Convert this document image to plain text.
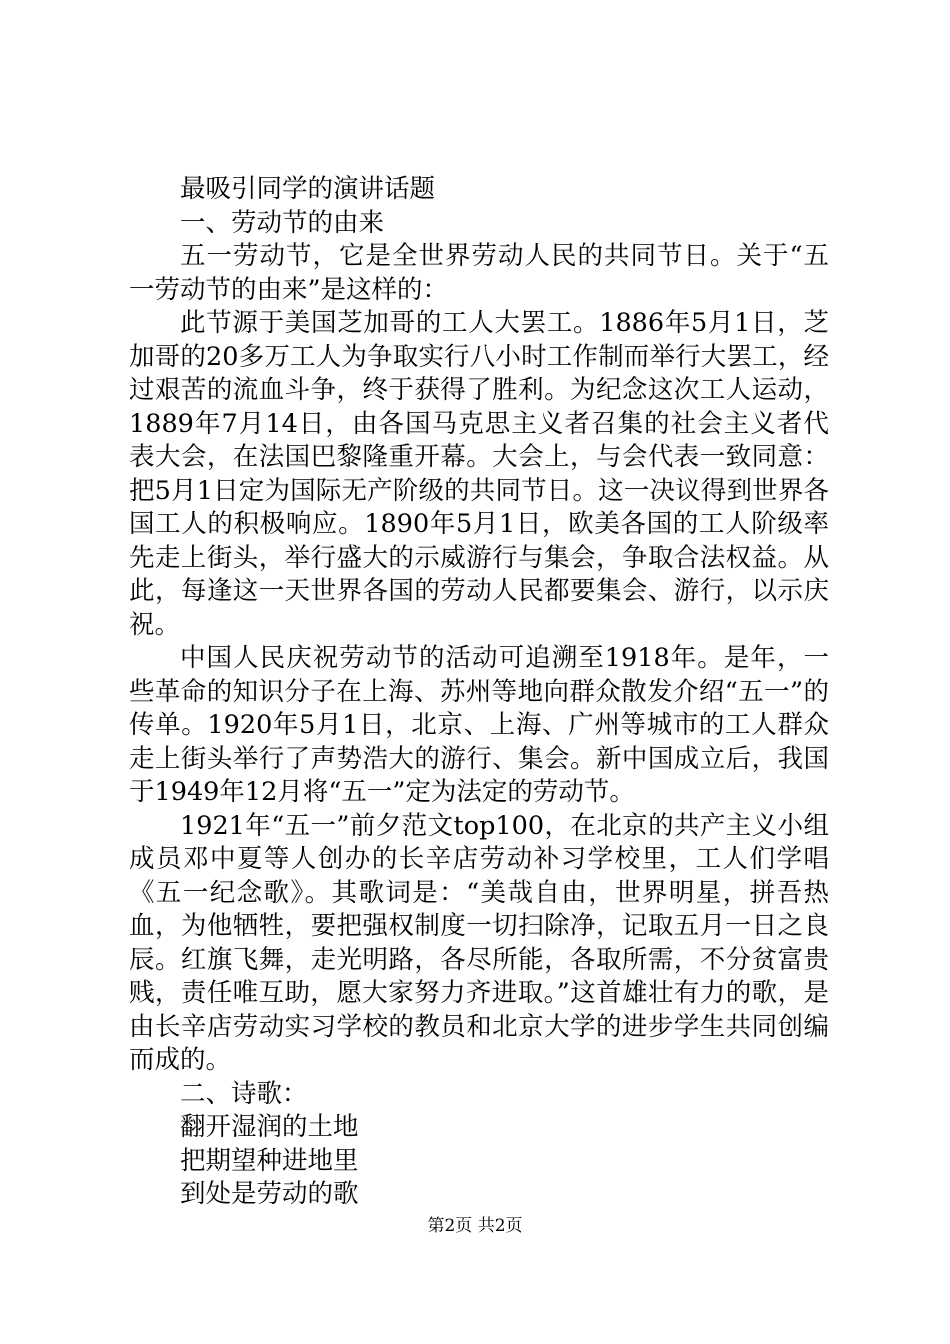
最吸引同学的演讲话题

一、劳动节的由来

五一劳动节，它是全世界劳动人民的共同节日。关于“五一劳动节的由来”是这样的：

此节源于美国芝加哥的工人大罢工。1886年5月1日，芝加哥的20多万工人为争取实行八小时工作制而举行大罢工，经过艰苦的流血斗争，终于获得了胜利。为纪念这次工人运动，1889年7月14日，由各国马克思主义者召集的社会主义者代表大会，在法国巴黎隆重开幕。大会上，与会代表一致同意：把5月1日定为国际无产阶级的共同节日。这一决议得到世界各国工人的积极响应。1890年5月1日，欧美各国的工人阶级率先走上街头，举行盛大的示威游行与集会，争取合法权益。从此，每逢这一天世界各国的劳动人民都要集会、游行，以示庆祝。

中国人民庆祝劳动节的活动可追溯至1918年。是年，一些革命的知识分子在上海、苏州等地向群众散发介绍“五一”的传单。1920年5月1日，北京、上海、广州等城市的工人群众走上街头举行了声势浩大的游行、集会。新中国成立后，我国于1949年12月将“五一”定为法定的劳动节。

1921年“五一”前夕范文top100，在北京的共产主义小组成员邓中夏等人创办的长辛店劳动补习学校里，工人们学唱《五一纪念歌》。其歌词是：“美哉自由，世界明星，拼吾热血，为他牺牲，要把强权制度一切扫除净，记取五月一日之良辰。红旗飞舞，走光明路，各尽所能，各取所需，不分贫富贵贱，责任唯互助，愿大家努力齐进取。”这首雄壮有力的歌，是由长辛店劳动实习学校的教员和北京大学的进步学生共同创编而成的。

二、诗歌：

翻开湿润的土地

把期望种进地里

到处是劳动的歌

第2页 共2页
